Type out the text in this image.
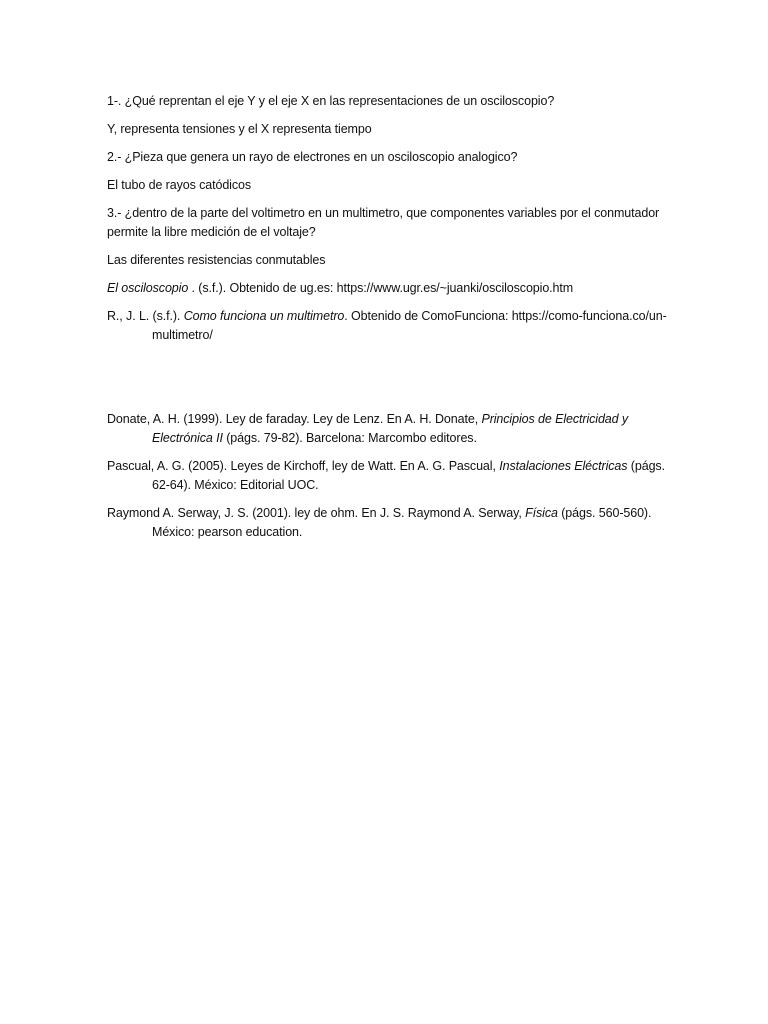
1-. ¿Qué reprentan el eje Y y el eje X en las representaciones de un osciloscopio?

Y, representa tensiones y el X representa tiempo

2.- ¿Pieza que genera un rayo de electrones en un osciloscopio analogico?

El tubo de rayos catódicos

3.- ¿dentro de la parte del voltimetro en un multimetro, que componentes variables por el conmutador permite la libre medición de el voltaje?

Las diferentes resistencias conmutables

El osciloscopio . (s.f.). Obtenido de ug.es: https://www.ugr.es/~juanki/osciloscopio.htm

R., J. L. (s.f.). Como funciona un multimetro. Obtenido de ComoFunciona: https://como-funciona.co/un-multimetro/

Donate, A. H. (1999). Ley de faraday. Ley de Lenz. En A. H. Donate, Principios de Electricidad y Electrónica II (págs. 79-82). Barcelona: Marcombo editores.

Pascual, A. G. (2005). Leyes de Kirchoff, ley de Watt. En A. G. Pascual, Instalaciones Eléctricas (págs. 62-64). México: Editorial UOC.

Raymond A. Serway, J. S. (2001). ley de ohm. En J. S. Raymond A. Serway, Física (págs. 560-560). México: pearson education.
